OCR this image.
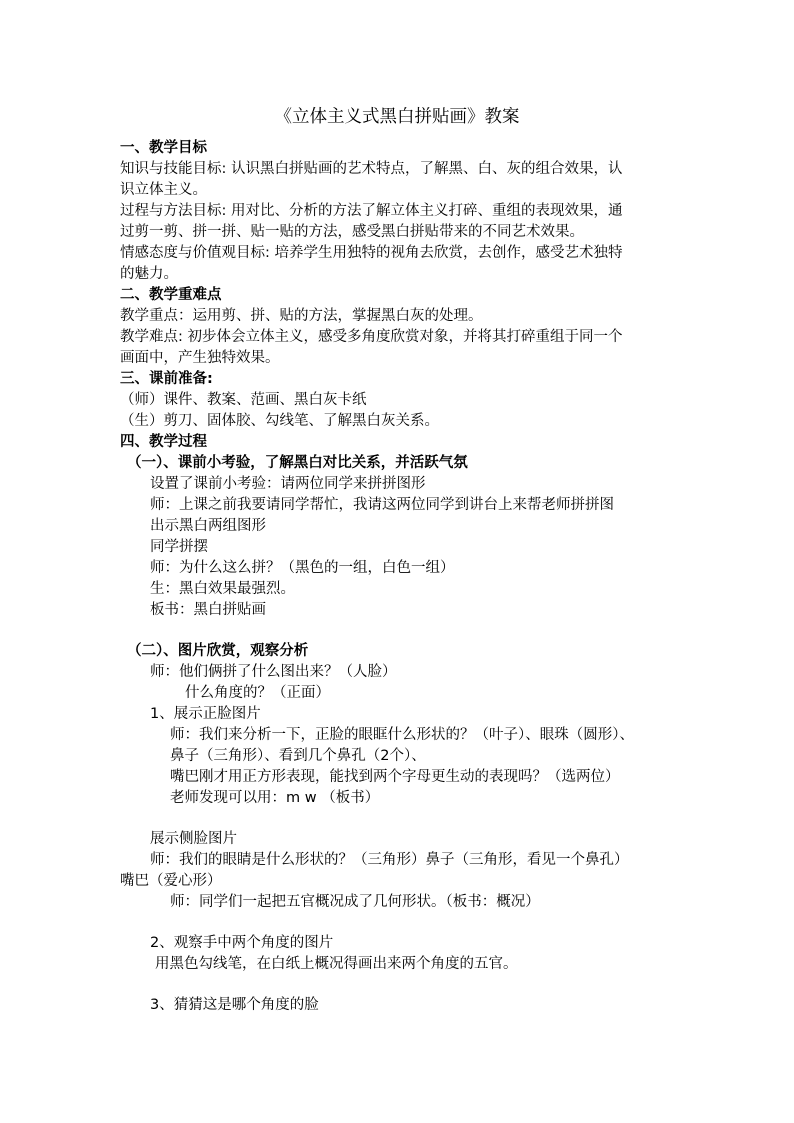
《立体主义式黑白拼贴画》教案
一、教学目标
知识与技能目标: 认识黑白拼贴画的艺术特点，了解黑、白、灰的组合效果，认
识立体主义。
过程与方法目标: 用对比、分析的方法了解立体主义打碎、重组的表现效果，通
过剪一剪、拼一拼、贴一贴的方法，感受黑白拼贴带来的不同艺术效果。
情感态度与价值观目标: 培养学生用独特的视角去欣赏，去创作，感受艺术独特
的魅力。
二、教学重难点
教学重点：运用剪、拼、贴的方法，掌握黑白灰的处理。
教学难点: 初步体会立体主义，感受多角度欣赏对象，并将其打碎重组于同一个
画面中，产生独特效果。
三、课前准备:
（师）课件、教案、范画、黑白灰卡纸
（生）剪刀、固体胶、勾线笔、了解黑白灰关系。
四、教学过程
（一）、课前小考验，了解黑白对比关系，并活跃气氛
设置了课前小考验：请两位同学来拼拼图形
师：上课之前我要请同学帮忙，我请这两位同学到讲台上来帮老师拼拼图
出示黑白两组图形
同学拼摆
师：为什么这么拼？（黑色的一组，白色一组）
生：黑白效果最强烈。
板书：黑白拼贴画
（二）、图片欣赏，观察分析
师：他们俩拼了什么图出来？（人脸）
什么角度的？（正面）
1、展示正脸图片
师：我们来分析一下，正脸的眼眶什么形状的？（叶子）、眼珠（圆形）、
鼻子（三角形）、看到几个鼻孔（2个）、
嘴巴刚才用正方形表现，能找到两个字母更生动的表现吗？（选两位）
老师发现可以用：m w （板书）
展示侧脸图片
师：我们的眼睛是什么形状的？（三角形）鼻子（三角形，看见一个鼻孔）
嘴巴（爱心形）
师：同学们一起把五官概况成了几何形状。（板书：概况）
2、观察手中两个角度的图片
用黑色勾线笔，在白纸上概况得画出来两个角度的五官。
3、猜猜这是哪个角度的脸
